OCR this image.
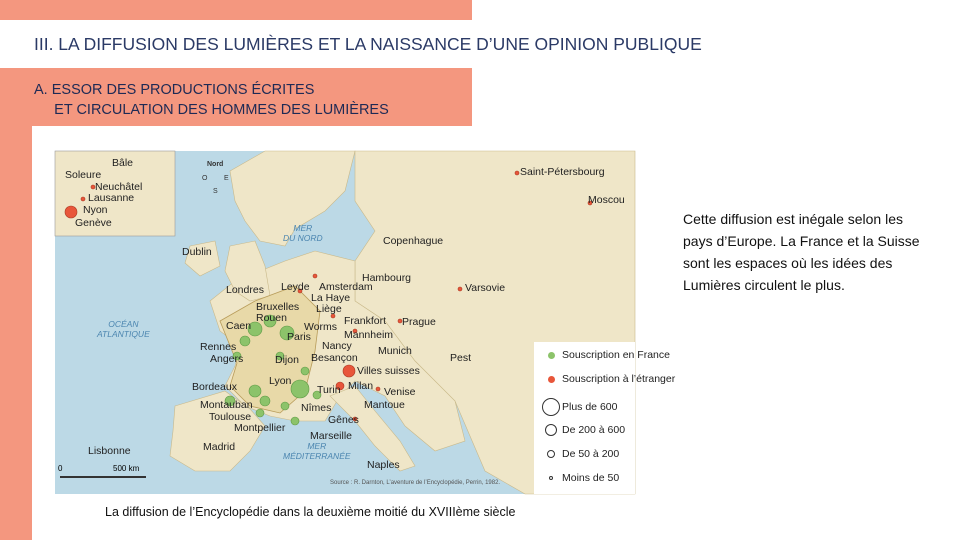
III. LA DIFFUSION DES LUMIÈRES ET LA NAISSANCE D’UNE OPINION PUBLIQUE
A. ESSOR DES PRODUCTIONS ÉCRITES
ET CIRCULATION DES HOMMES DES LUMIÈRES
Nord
O E
S
MER
DU NORD
OCÉAN
ATLANTIQUE
MER
MÉDITERRANÉE
Bâle
Soleure
Neuchâtel
Lausanne
Nyon
Genève
Saint-Pétersbourg
Moscou
Dublin
Copenhague
Hambourg
Leyde Amsterdam
Londres
La Haye
Bruxelles Liège
Varsovie
Rouen
Worms Frankfort Prague
Caen
Paris	Mannheim
Rennes	Nancy Munich
Angers	Dijon Besançon	Pest
Villes suisses
Lyon
Bordeaux	Turin Milan Venise
Montauban	Nîmes	Mantoue
Toulouse	Gênes
Montpellier
Marseille
Madrid
Lisbonne
Naples
Souscription en France
Souscription à l’étranger
Plus de 600
De 200 à 600
De 50 à 200
Moins de 50
0	500 km
Source : R. Darnton, L’aventure de l’Encyclopédie, Perrin, 1982.
La diffusion de l’Encyclopédie dans la deuxième moitié du XVIIIème siècle
Cette diffusion est inégale selon les pays d’Europe. La France et la Suisse sont les espaces où les idées des Lumières circulent le plus.
